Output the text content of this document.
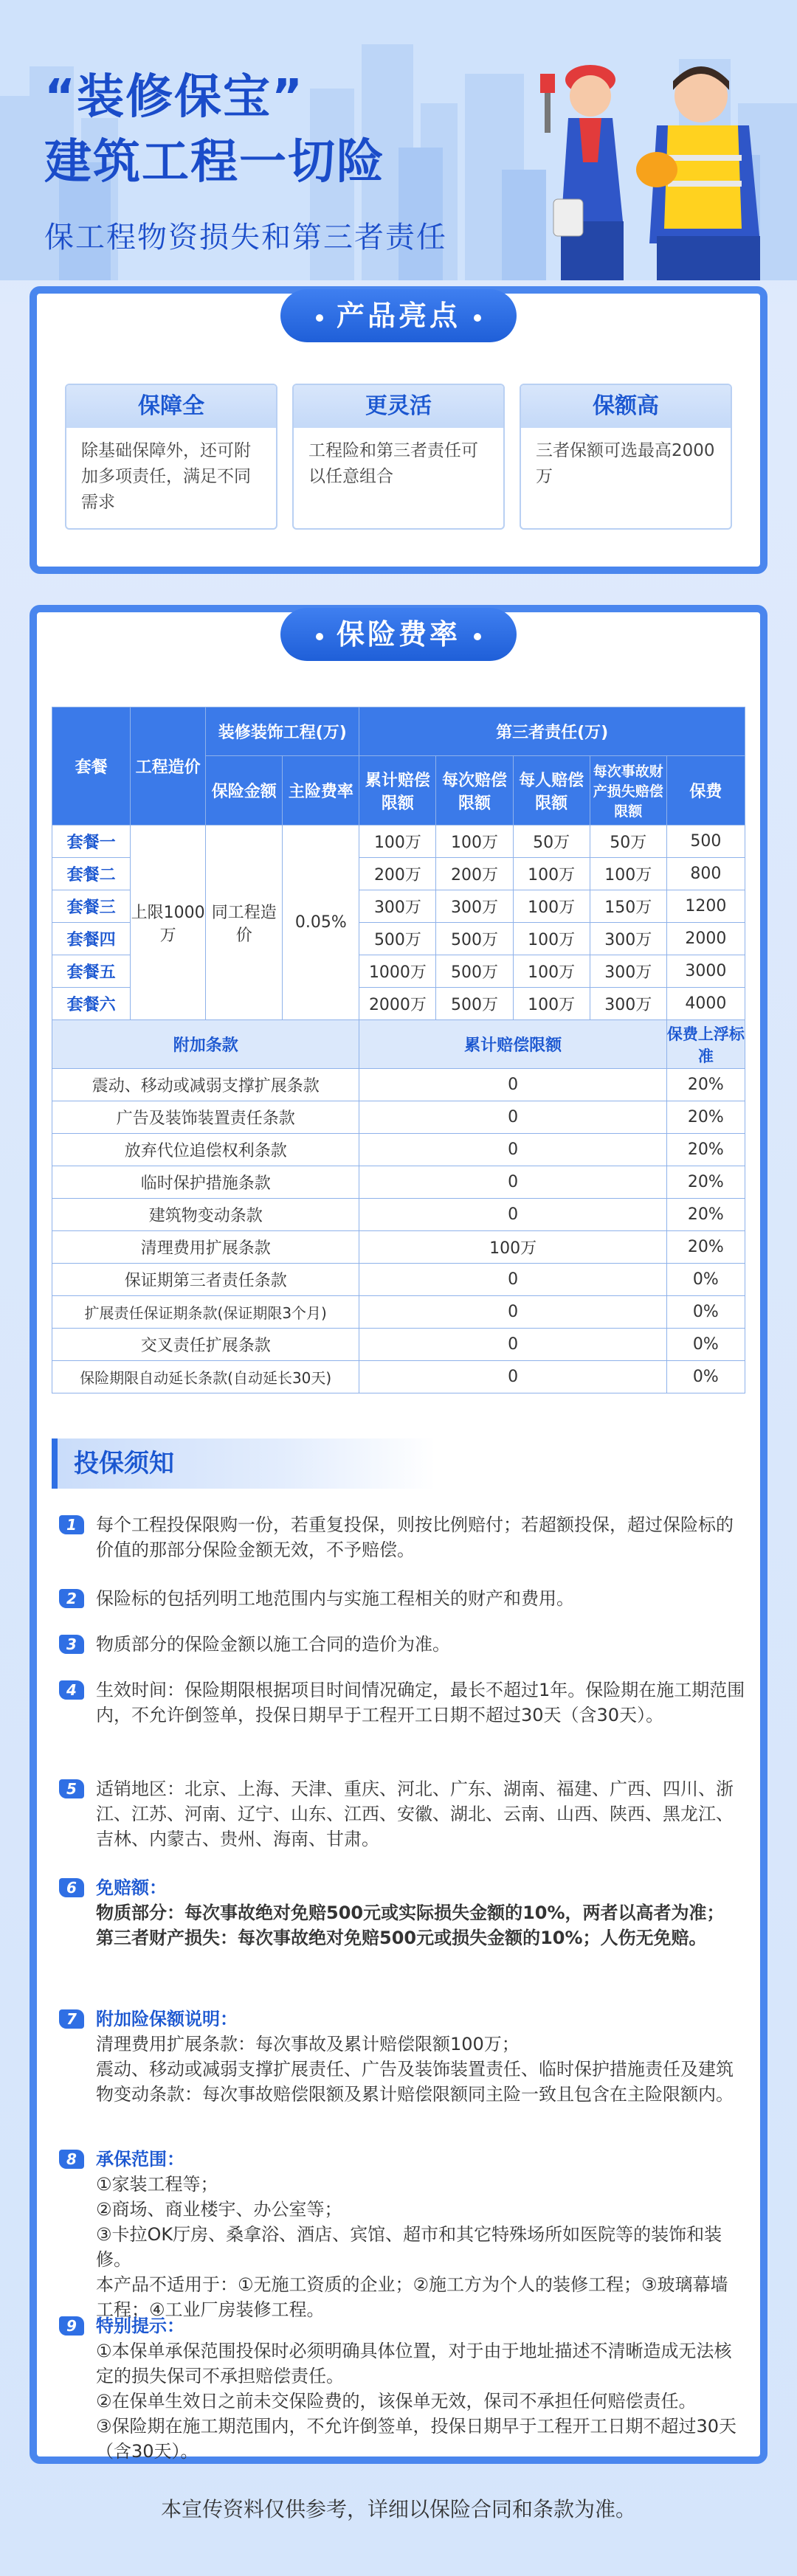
“装修保宝”
建筑工程一切险
保工程物资损失和第三者责任
产品亮点
保障全
除基础保障外，还可附加多项责任，满足不同需求
更灵活
工程险和第三者责任可以任意组合
保额高
三者保额可选最高2000万
保险费率
套餐	工程造价	装修装饰工程(万)		第三者责任(万)				
		保险金额	主险费率	累计赔偿限额	每次赔偿限额	每人赔偿限额	每次事故财产损失赔偿限额	保费
套餐一	上限1000万	同工程造价	0.05%	100万	100万	50万	50万	500
套餐二				200万	200万	100万	100万	800
套餐三				300万	300万	100万	150万	1200
套餐四				500万	500万	100万	300万	2000
套餐五				1000万	500万	100万	300万	3000
套餐六				2000万	500万	100万	300万	4000
附加条款				累计赔偿限额				保费上浮标准
震动、移动或减弱支撑扩展条款				0				20%
广告及装饰装置责任条款				0				20%
放弃代位追偿权利条款				0				20%
临时保护措施条款				0				20%
建筑物变动条款				0				20%
清理费用扩展条款				100万				20%
保证期第三者责任条款				0				0%
扩展责任保证期条款(保证期限3个月)				0				0%
交叉责任扩展条款				0				0%
保险期限自动延长条款(自动延长30天)				0				0%
投保须知
1	每个工程投保限购一份，若重复投保，则按比例赔付；若超额投保，超过保险标的价值的那部分保险金额无效，不予赔偿。
2	保险标的包括列明工地范围内与实施工程相关的财产和费用。
3	物质部分的保险金额以施工合同的造价为准。
4	生效时间：保险期限根据项目时间情况确定，最长不超过1年。保险期在施工期范围内，不允许倒签单，投保日期早于工程开工日期不超过30天（含30天）。
5	适销地区：北京、上海、天津、重庆、河北、广东、湖南、福建、广西、四川、浙江、江苏、河南、辽宁、山东、江西、安徽、湖北、云南、山西、陕西、黑龙江、吉林、内蒙古、贵州、海南、甘肃。
6	免赔额：
物质部分：每次事故绝对免赔500元或实际损失金额的10%，两者以高者为准；
第三者财产损失：每次事故绝对免赔500元或损失金额的10%；人伤无免赔。
7	附加险保额说明：
清理费用扩展条款：每次事故及累计赔偿限额100万；
震动、移动或减弱支撑扩展责任、广告及装饰装置责任、临时保护措施责任及建筑物变动条款：每次事故赔偿限额及累计赔偿限额同主险一致且包含在主险限额内。
8	承保范围：
①家装工程等；
②商场、商业楼宇、办公室等；
③卡拉OK厅房、桑拿浴、酒店、宾馆、超市和其它特殊场所如医院等的装饰和装修。
本产品不适用于：①无施工资质的企业；②施工方为个人的装修工程；③玻璃幕墙工程；④工业厂房装修工程。
9	特别提示：
①本保单承保范围投保时必须明确具体位置，对于由于地址描述不清晰造成无法核定的损失保司不承担赔偿责任。
②在保单生效日之前未交保险费的，该保单无效，保司不承担任何赔偿责任。
③保险期在施工期范围内，不允许倒签单，投保日期早于工程开工日期不超过30天（含30天）。
本宣传资料仅供参考，详细以保险合同和条款为准。
